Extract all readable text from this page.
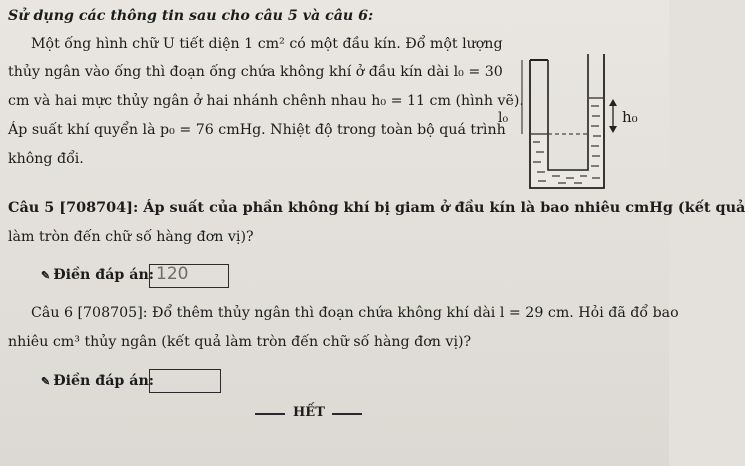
Sử dụng các thông tin sau cho câu 5 và câu 6:
Một ống hình chữ U tiết diện 1 cm² có một đầu kín. Đổ một lượng
thủy ngân vào ống thì đoạn ống chứa không khí ở đầu kín dài l₀ = 30
cm và hai mực thủy ngân ở hai nhánh chênh nhau h₀ = 11 cm (hình vẽ).
Áp suất khí quyển là p₀ = 76 cmHg. Nhiệt độ trong toàn bộ quá trình
không đổi.
l₀	h₀
Câu 5 [708704]: Áp suất của phần không khí bị giam ở đầu kín là bao nhiêu cmHg (kết quả
làm tròn đến chữ số hàng đơn vị)?
✎ Điền đáp án: 120
Câu 6 [708705]: Đổ thêm thủy ngân thì đoạn chứa không khí dài l = 29 cm. Hỏi đã đổ bao
nhiêu cm³ thủy ngân (kết quả làm tròn đến chữ số hàng đơn vị)?
✎ Điền đáp án:
HẾT
